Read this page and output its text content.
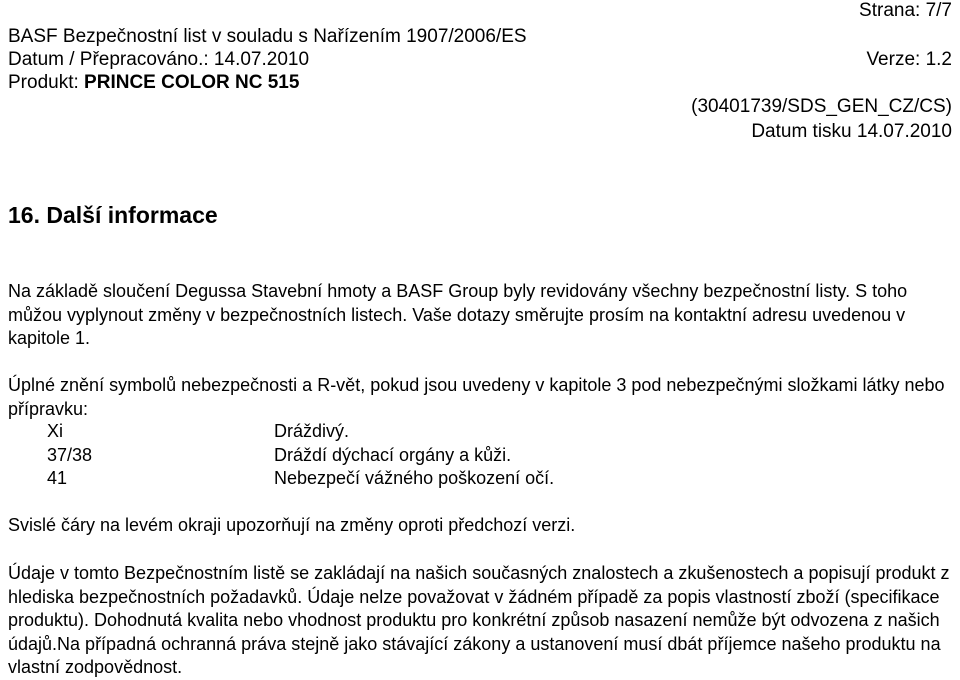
Strana: 7/7
BASF Bezpečnostní list v souladu s Nařízením 1907/2006/ES
Datum / Přepracováno.: 14.07.2010	Verze: 1.2
Produkt: PRINCE COLOR NC 515
(30401739/SDS_GEN_CZ/CS)
Datum tisku 14.07.2010
16. Další informace
Na základě sloučení Degussa Stavební hmoty a BASF Group byly revidovány všechny bezpečnostní listy. S toho můžou vyplynout změny v bezpečnostních listech. Vaše dotazy směrujte prosím na kontaktní adresu uvedenou v kapitole 1.
Úplné znění symbolů nebezpečnosti a R-vět, pokud jsou uvedeny v kapitole 3 pod nebezpečnými složkami látky nebo přípravku:
Xi	Dráždivý.
37/38	Dráždí dýchací orgány a kůži.
41	Nebezpečí vážného poškození očí.
Svislé čáry na levém okraji upozorňují na změny oproti předchozí verzi.
Údaje v tomto Bezpečnostním listě se zakládají na našich současných znalostech a zkušenostech a popisují produkt z hlediska bezpečnostních požadavků. Údaje nelze považovat v žádném případě za popis vlastností zboží (specifikace produktu). Dohodnutá kvalita nebo vhodnost produktu pro konkrétní způsob nasazení nemůže být odvozena z našich údajů.Na případná ochranná práva stejně jako stávající zákony a ustanovení musí dbát příjemce našeho produktu na vlastní zodpovědnost.
